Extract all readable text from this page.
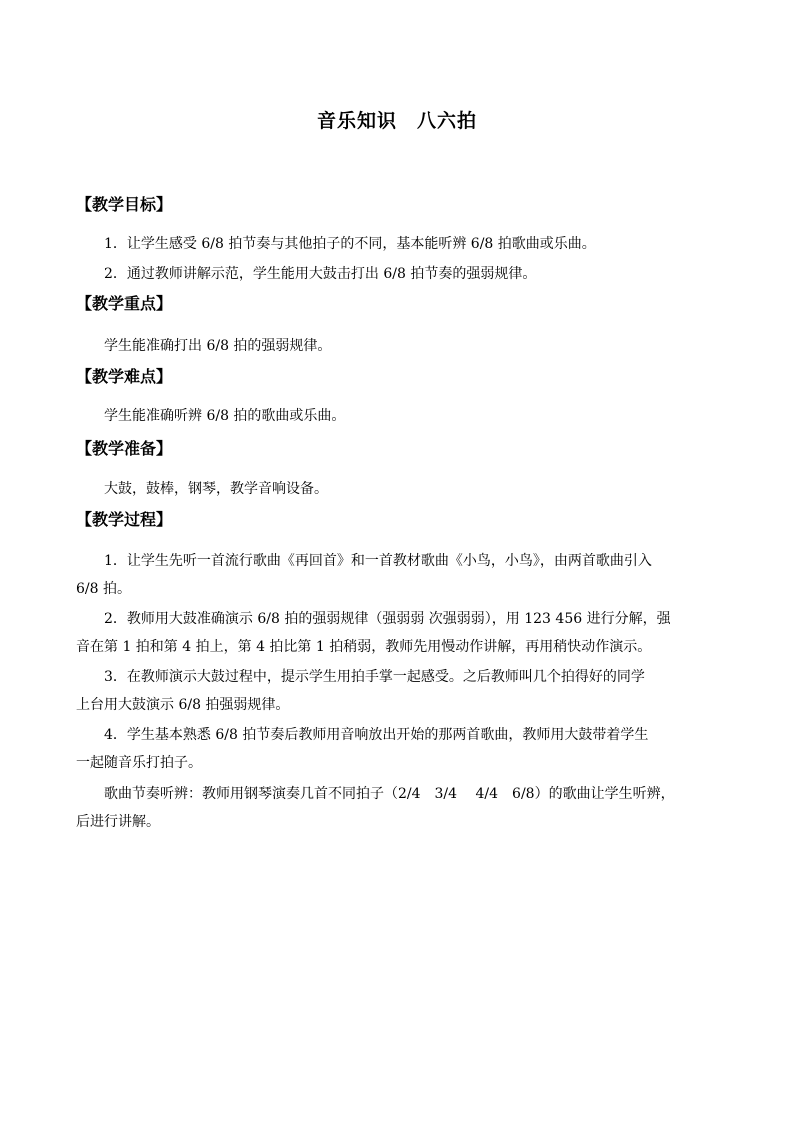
音乐知识　八六拍
【教学目标】
1．让学生感受 6/8 拍节奏与其他拍子的不同，基本能听辨 6/8 拍歌曲或乐曲。
2．通过教师讲解示范，学生能用大鼓击打出 6/8 拍节奏的强弱规律。
【教学重点】
学生能准确打出 6/8 拍的强弱规律。
【教学难点】
学生能准确听辨 6/8 拍的歌曲或乐曲。
【教学准备】
大鼓，鼓棒，钢琴，教学音响设备。
【教学过程】
1．让学生先听一首流行歌曲《再回首》和一首教材歌曲《小鸟，小鸟》，由两首歌曲引入
6/8 拍。
2．教师用大鼓准确演示 6/8 拍的强弱规律（强弱弱 次强弱弱），用 123 456 进行分解，强
音在第 1 拍和第 4 拍上，第 4 拍比第 1 拍稍弱，教师先用慢动作讲解，再用稍快动作演示。
3．在教师演示大鼓过程中，提示学生用拍手掌一起感受。之后教师叫几个拍得好的同学
上台用大鼓演示 6/8 拍强弱规律。
4．学生基本熟悉 6/8 拍节奏后教师用音响放出开始的那两首歌曲，教师用大鼓带着学生
一起随音乐打拍子。
歌曲节奏听辨：教师用钢琴演奏几首不同拍子（2/4　3/4　 4/4　6/8）的歌曲让学生听辨，
后进行讲解。
